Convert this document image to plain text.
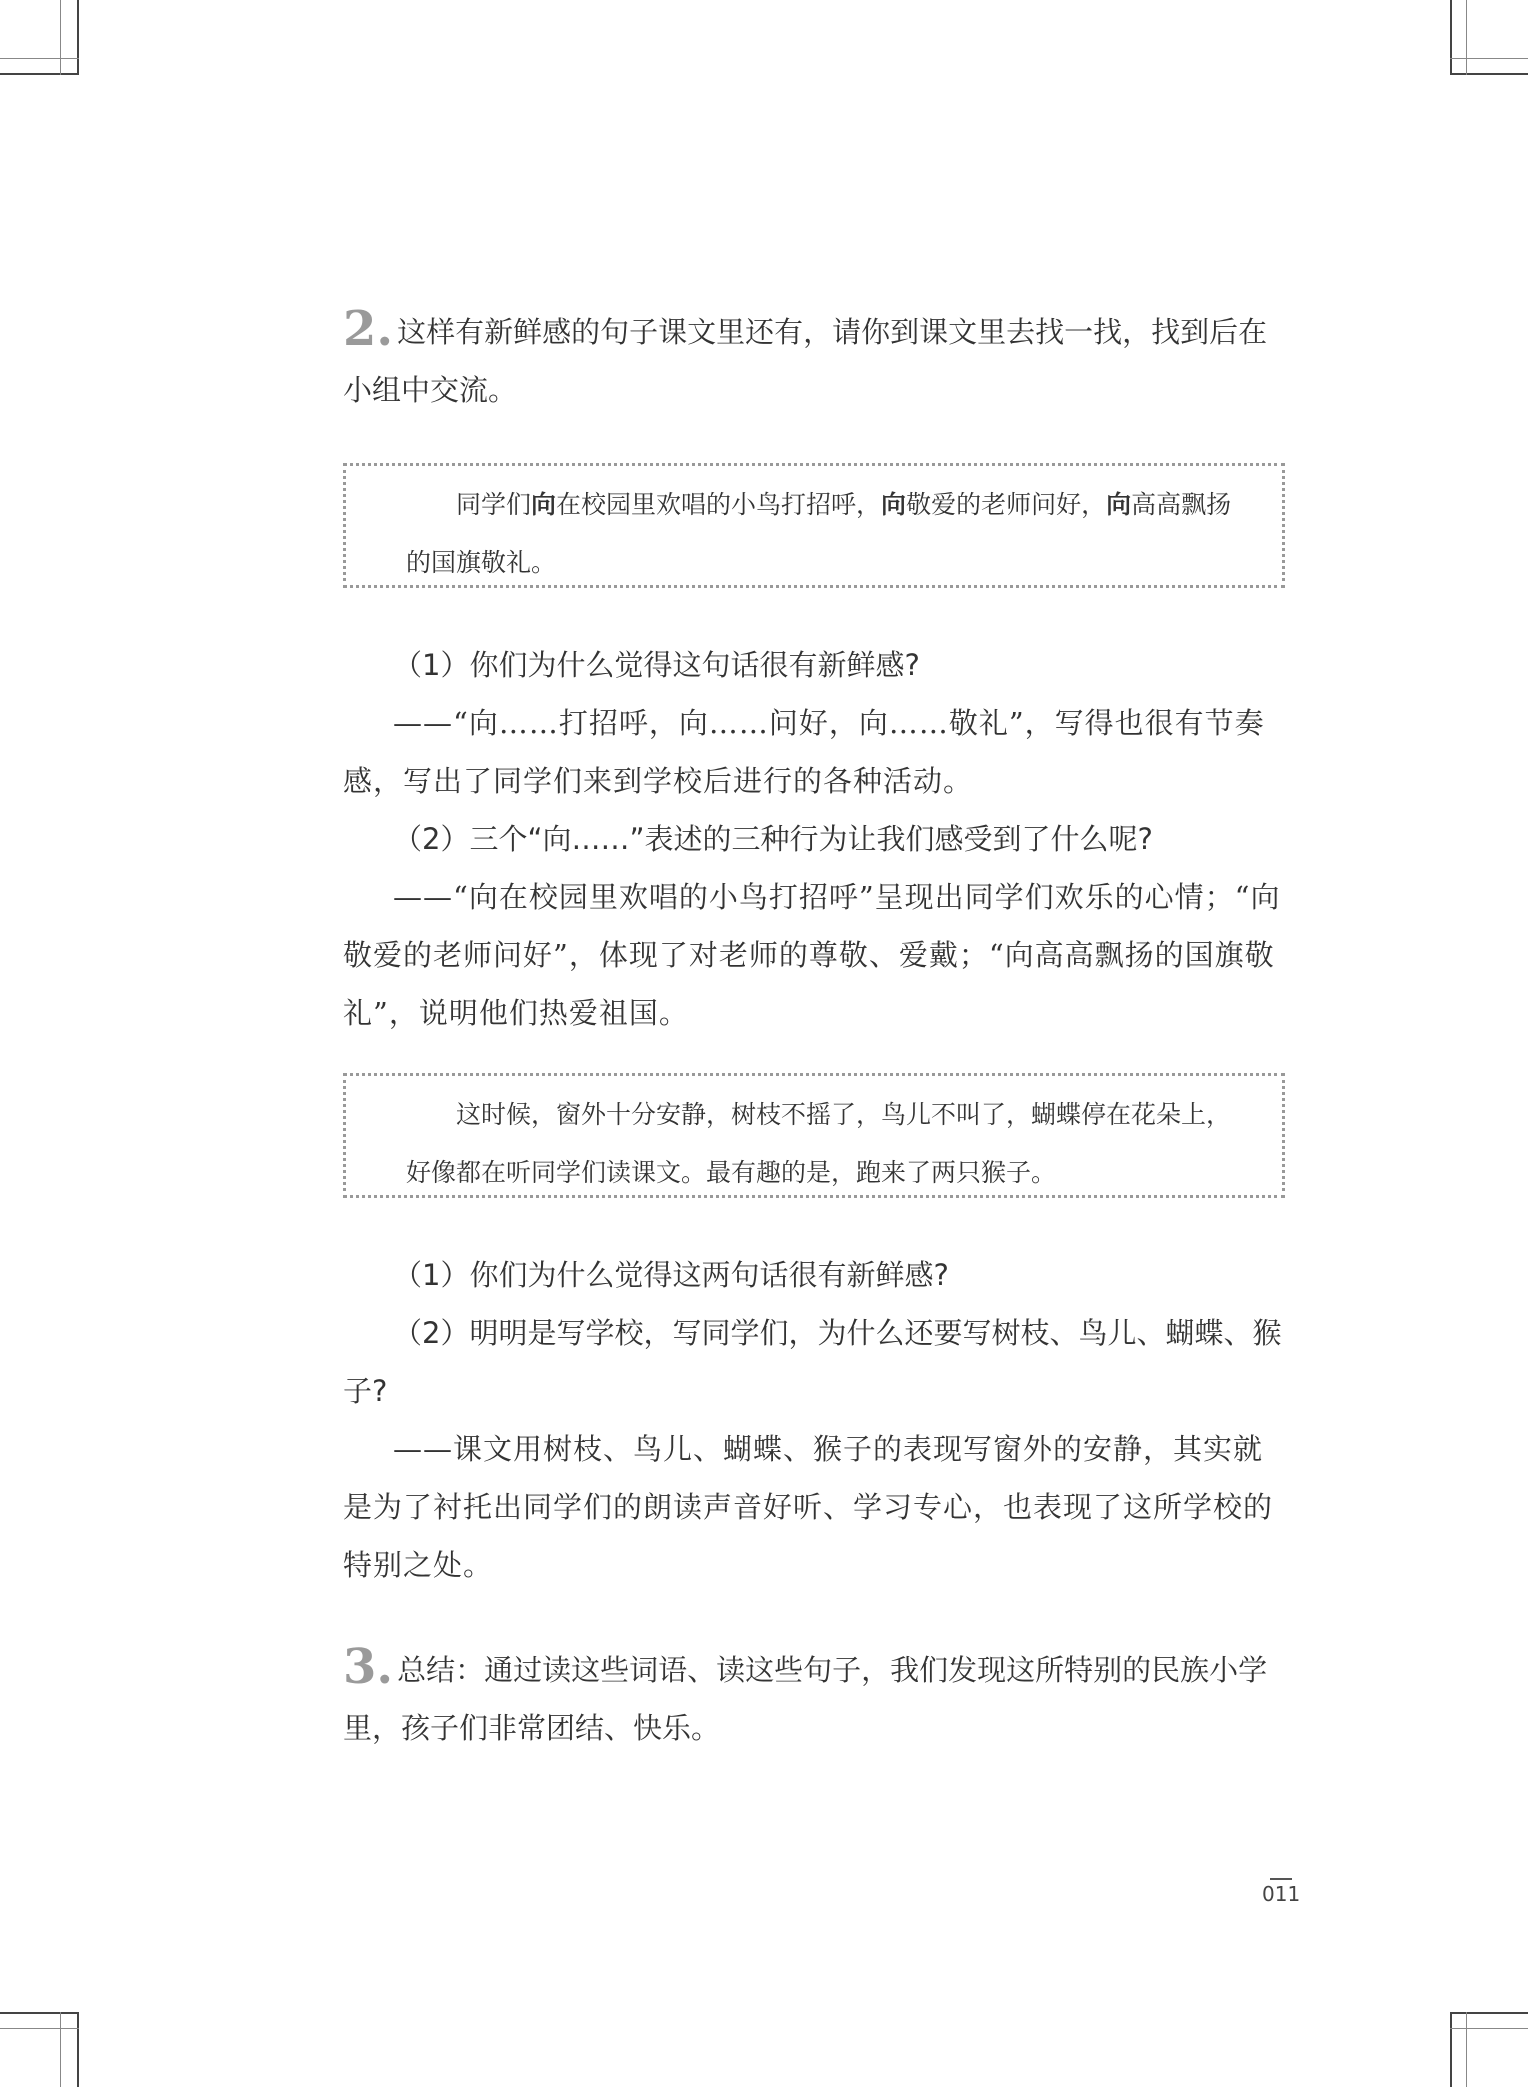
2. 这样有新鲜感的句子课文里还有，请你到课文里去找一找，找到后在小组中交流。
同学们向在校园里欢唱的小鸟打招呼，向敬爱的老师问好，向高高飘扬的国旗敬礼。
（1）你们为什么觉得这句话很有新鲜感?
——“向……打招呼，向……问好，向……敬礼”，写得也很有节奏感，写出了同学们来到学校后进行的各种活动。
（2）三个“向……”表述的三种行为让我们感受到了什么呢?
——“向在校园里欢唱的小鸟打招呼”呈现出同学们欢乐的心情；“向敬爱的老师问好”，体现了对老师的尊敬、爱戴；“向高高飘扬的国旗敬礼”，说明他们热爱祖国。
这时候，窗外十分安静，树枝不摇了，鸟儿不叫了，蝴蝶停在花朵上，好像都在听同学们读课文。最有趣的是，跑来了两只猴子。
（1）你们为什么觉得这两句话很有新鲜感?
（2）明明是写学校，写同学们，为什么还要写树枝、鸟儿、蝴蝶、猴子?
——课文用树枝、鸟儿、蝴蝶、猴子的表现写窗外的安静，其实就是为了衬托出同学们的朗读声音好听、学习专心，也表现了这所学校的特别之处。
3. 总结：通过读这些词语、读这些句子，我们发现这所特别的民族小学里，孩子们非常团结、快乐。
011
